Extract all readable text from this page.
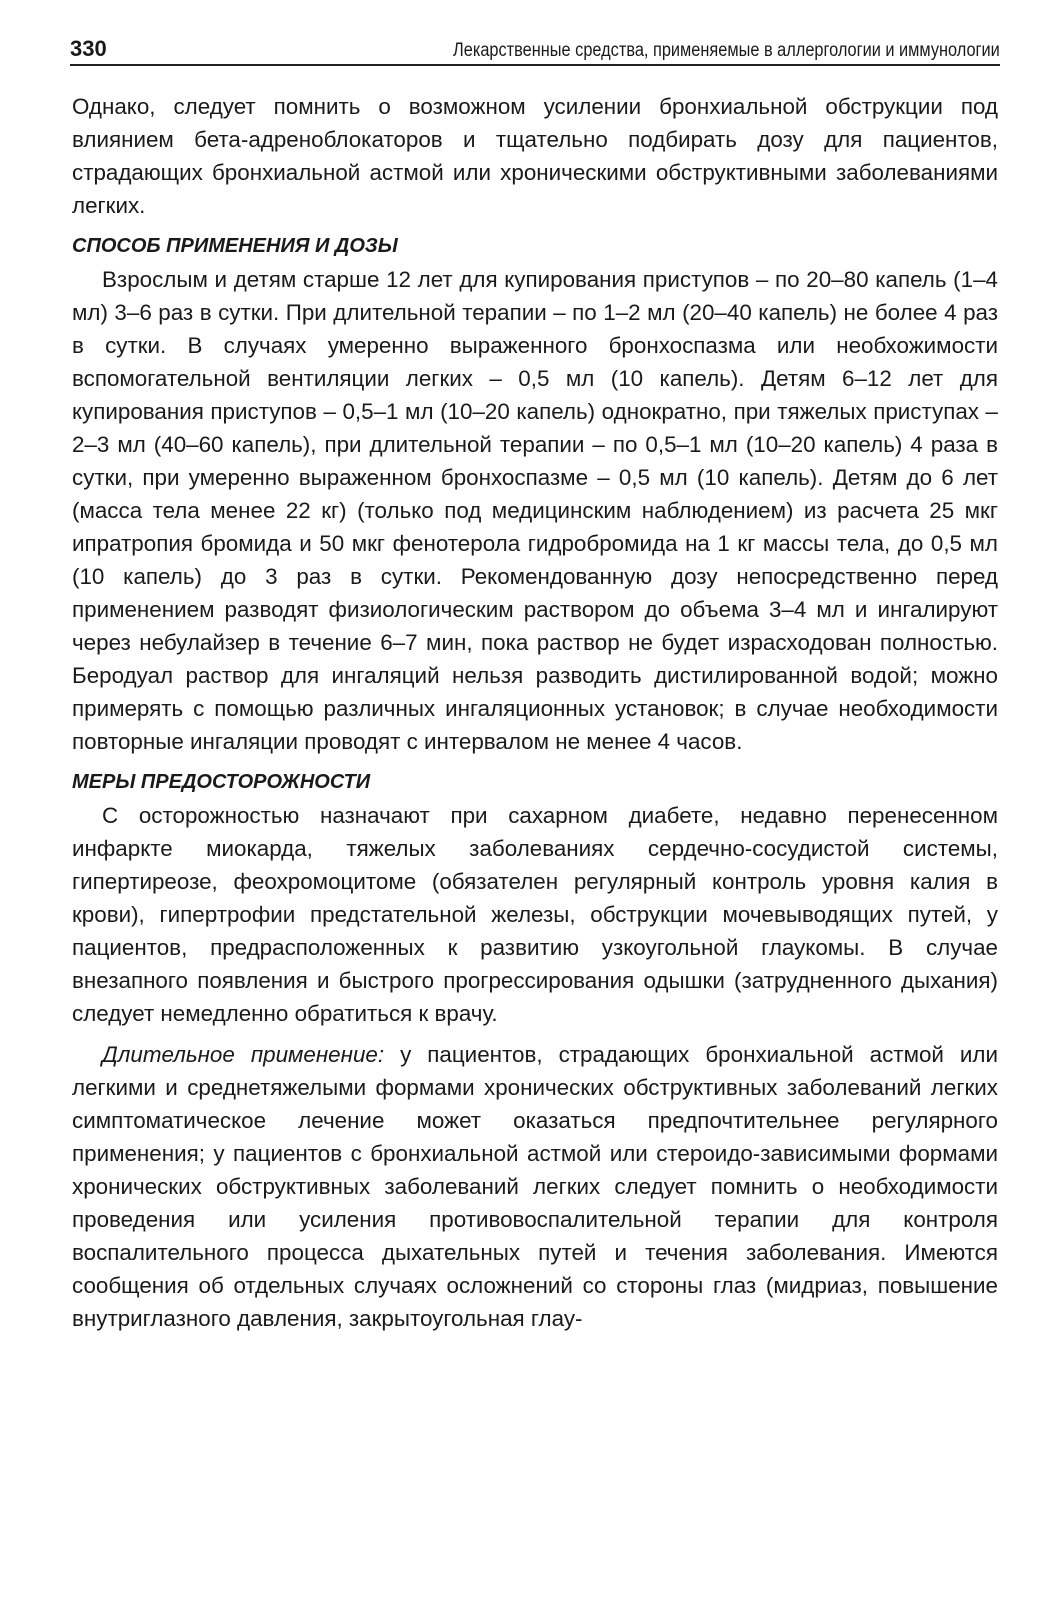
330	Лекарственные средства, применяемые в аллергологии и иммунологии

Однако, следует помнить о возможном усилении бронхиальной обструкции под влиянием бета-адреноблокаторов и тщательно подбирать дозу для пациентов, страдающих бронхиальной астмой или хроническими обструктивными заболеваниями легких.

СПОСОБ ПРИМЕНЕНИЯ И ДОЗЫ

Взрослым и детям старше 12 лет для купирования приступов – по 20–80 капель (1–4 мл) 3–6 раз в сутки. При длительной терапии – по 1–2 мл (20–40 капель) не более 4 раз в сутки. В случаях умеренно выраженного бронхоспазма или необхожимости вспомогательной вентиляции легких – 0,5 мл (10 капель). Детям 6–12 лет для купирования приступов – 0,5–1 мл (10–20 капель) однократно, при тяжелых приступах – 2–3 мл (40–60 капель), при длительной терапии – по 0,5–1 мл (10–20 капель) 4 раза в сутки, при умеренно выраженном бронхоспазме – 0,5 мл (10 капель). Детям до 6 лет (масса тела менее 22 кг) (только под медицинским наблюдением) из расчета 25 мкг ипратропия бромида и 50 мкг фенотерола гидробромида на 1 кг массы тела, до 0,5 мл (10 капель) до 3 раз в сутки. Рекомендованную дозу непосредственно перед применением разводят физиологическим раствором до объема 3–4 мл и ингалируют через небулайзер в течение 6–7 мин, пока раствор не будет израсходован полностью. Беродуал раствор для ингаляций нельзя разводить дистилированной водой; можно примерять с помощью различных ингаляционных установок; в случае необходимости повторные ингаляции проводят с интервалом не менее 4 часов.

МЕРЫ ПРЕДОСТОРОЖНОСТИ

С осторожностью назначают при сахарном диабете, недавно перенесенном инфаркте миокарда, тяжелых заболеваниях сердечно-сосудистой системы, гипертиреозе, феохромоцитоме (обязателен регулярный контроль уровня калия в крови), гипертрофии предстательной железы, обструкции мочевыводящих путей, у пациентов, предрасположенных к развитию узкоугольной глаукомы. В случае внезапного появления и быстрого прогрессирования одышки (затрудненного дыхания) следует немедленно обратиться к врачу.

Длительное применение: у пациентов, страдающих бронхиальной астмой или легкими и среднетяжелыми формами хронических обструктивных заболеваний легких симптоматическое лечение может оказаться предпочтительнее регулярного применения; у пациентов с бронхиальной астмой или стероидо-зависимыми формами хронических обструктивных заболеваний легких следует помнить о необходимости проведения или усиления противовоспалительной терапии для контроля воспалительного процесса дыхательных путей и течения заболевания. Имеются сообщения об отдельных случаях осложнений со стороны глаз (мидриаз, повышение внутриглазного давления, закрытоугольная глау-
